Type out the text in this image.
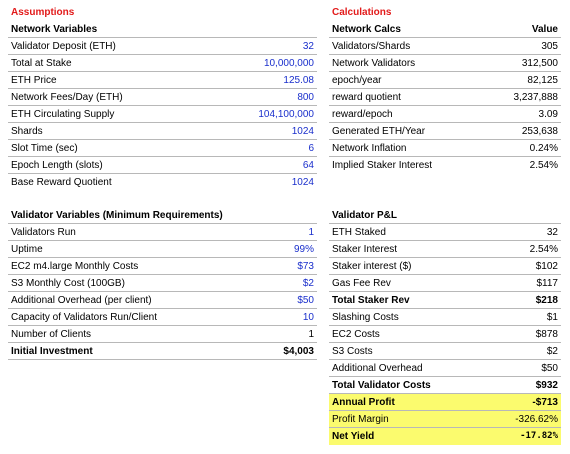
Assumptions
Network Variables
Validator Deposit (ETH)	32
Total at Stake	10,000,000
ETH Price	125.08
Network Fees/Day (ETH)	800
ETH Circulating Supply	104,100,000
Shards	1024
Slot Time (sec)	6
Epoch Length (slots)	64
Base Reward Quotient	1024
Validator Variables (Minimum Requirements)
Validators Run	1
Uptime	99%
EC2 m4.large Monthly Costs	$73
S3 Monthly Cost (100GB)	$2
Additional Overhead (per client)	$50
Capacity of Validators Run/Client	10
Number of Clients	1
Initial Investment	$4,003
Calculations
Network Calcs	Value
Validators/Shards	305
Network Validators	312,500
epoch/year	82,125
reward quotient	3,237,888
reward/epoch	3.09
Generated ETH/Year	253,638
Network Inflation	0.24%
Implied Staker Interest	2.54%
Validator P&L
ETH Staked	32
Staker Interest	2.54%
Staker interest ($)	$102
Gas Fee Rev	$117
Total Staker Rev	$218
Slashing Costs	$1
EC2 Costs	$878
S3 Costs	$2
Additional Overhead	$50
Total Validator Costs	$932
Annual Profit	-$713
Profit Margin	-326.62%
Net Yield	-17.82%
